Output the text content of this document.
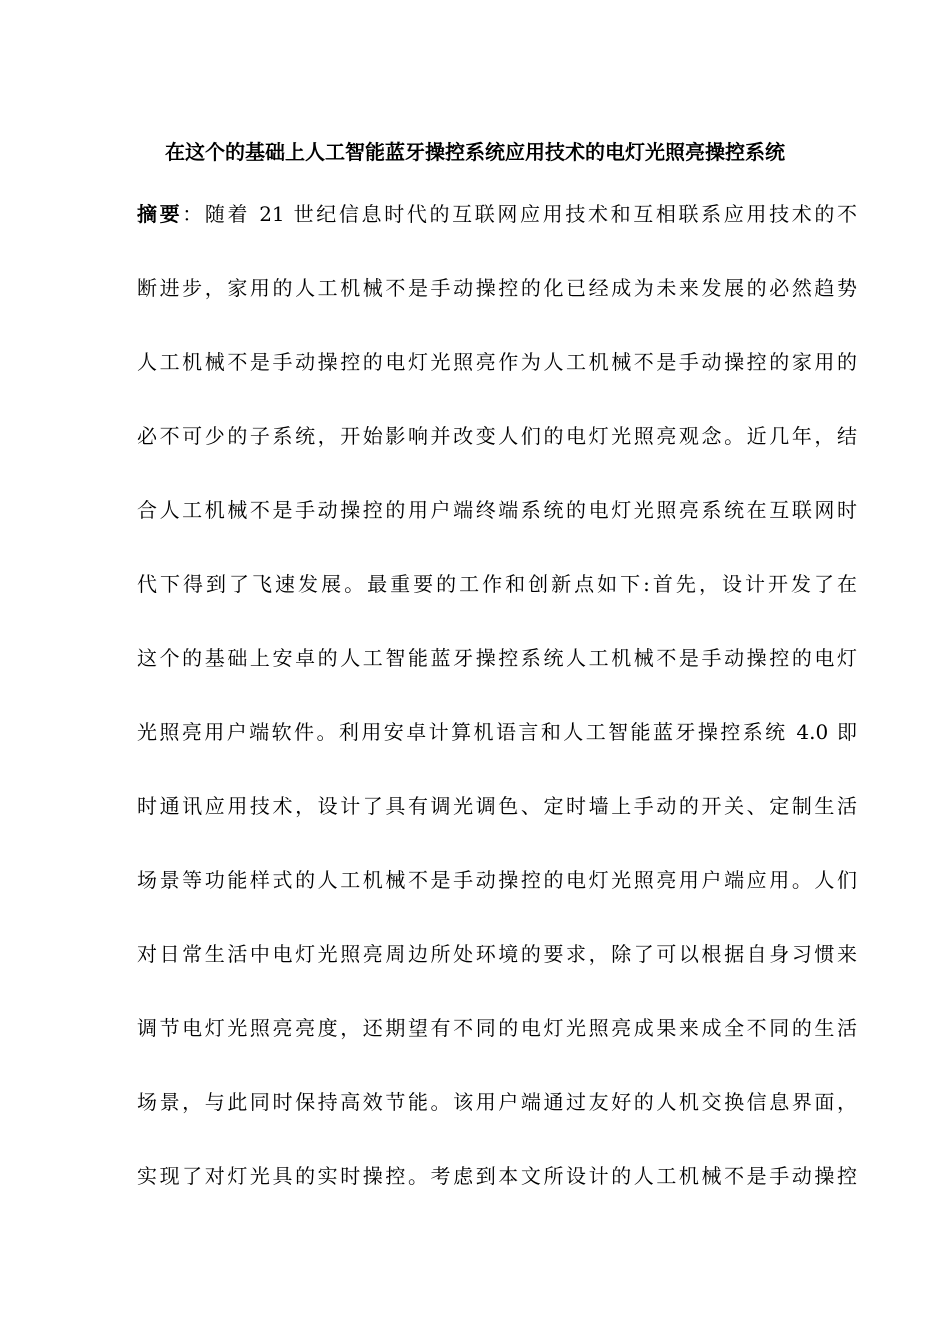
在这个的基础上人工智能蓝牙操控系统应用技术的电灯光照亮操控系统
摘要：随着 21 世纪信息时代的互联网应用技术和互相联系应用技术的不
断进步，家用的人工机械不是手动操控的化已经成为未来发展的必然趋势
人工机械不是手动操控的电灯光照亮作为人工机械不是手动操控的家用的
必不可少的子系统，开始影响并改变人们的电灯光照亮观念。近几年，结
合人工机械不是手动操控的用户端终端系统的电灯光照亮系统在互联网时
代下得到了飞速发展。最重要的工作和创新点如下:首先，设计开发了在
这个的基础上安卓的人工智能蓝牙操控系统人工机械不是手动操控的电灯
光照亮用户端软件。利用安卓计算机语言和人工智能蓝牙操控系统 4.0 即
时通讯应用技术，设计了具有调光调色、定时墙上手动的开关、定制生活
场景等功能样式的人工机械不是手动操控的电灯光照亮用户端应用。人们
对日常生活中电灯光照亮周边所处环境的要求，除了可以根据自身习惯来
调节电灯光照亮亮度，还期望有不同的电灯光照亮成果来成全不同的生活
场景，与此同时保持高效节能。该用户端通过友好的人机交换信息界面，
实现了对灯光具的实时操控。考虑到本文所设计的人工机械不是手动操控
